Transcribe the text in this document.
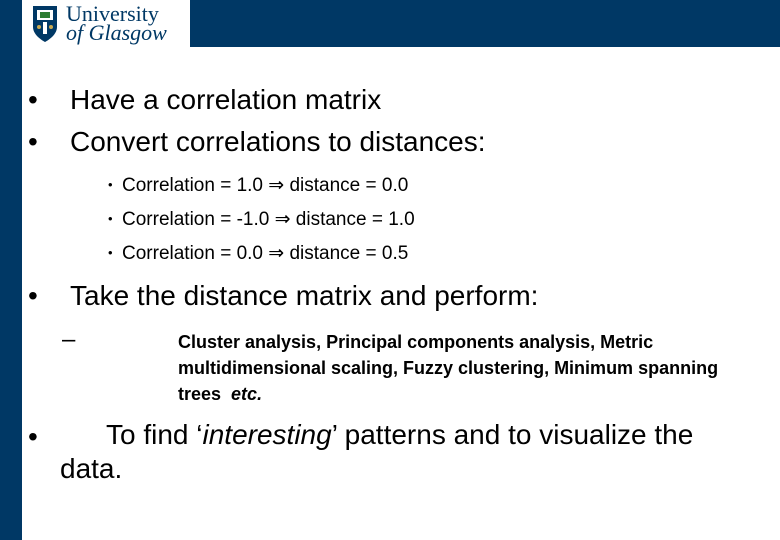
University
of Glasgow
• Have a correlation matrix
• Convert correlations to distances:
• Correlation = 1.0 ⇒ distance = 0.0
• Correlation = -1.0 ⇒ distance = 1.0
• Correlation = 0.0 ⇒ distance = 0.5
• Take the distance matrix and perform:
–	Cluster analysis, Principal components analysis, Metric multidimensional scaling, Fuzzy clustering, Minimum spanning trees etc.
•	To find ‘interesting’ patterns and to visualize the data.
